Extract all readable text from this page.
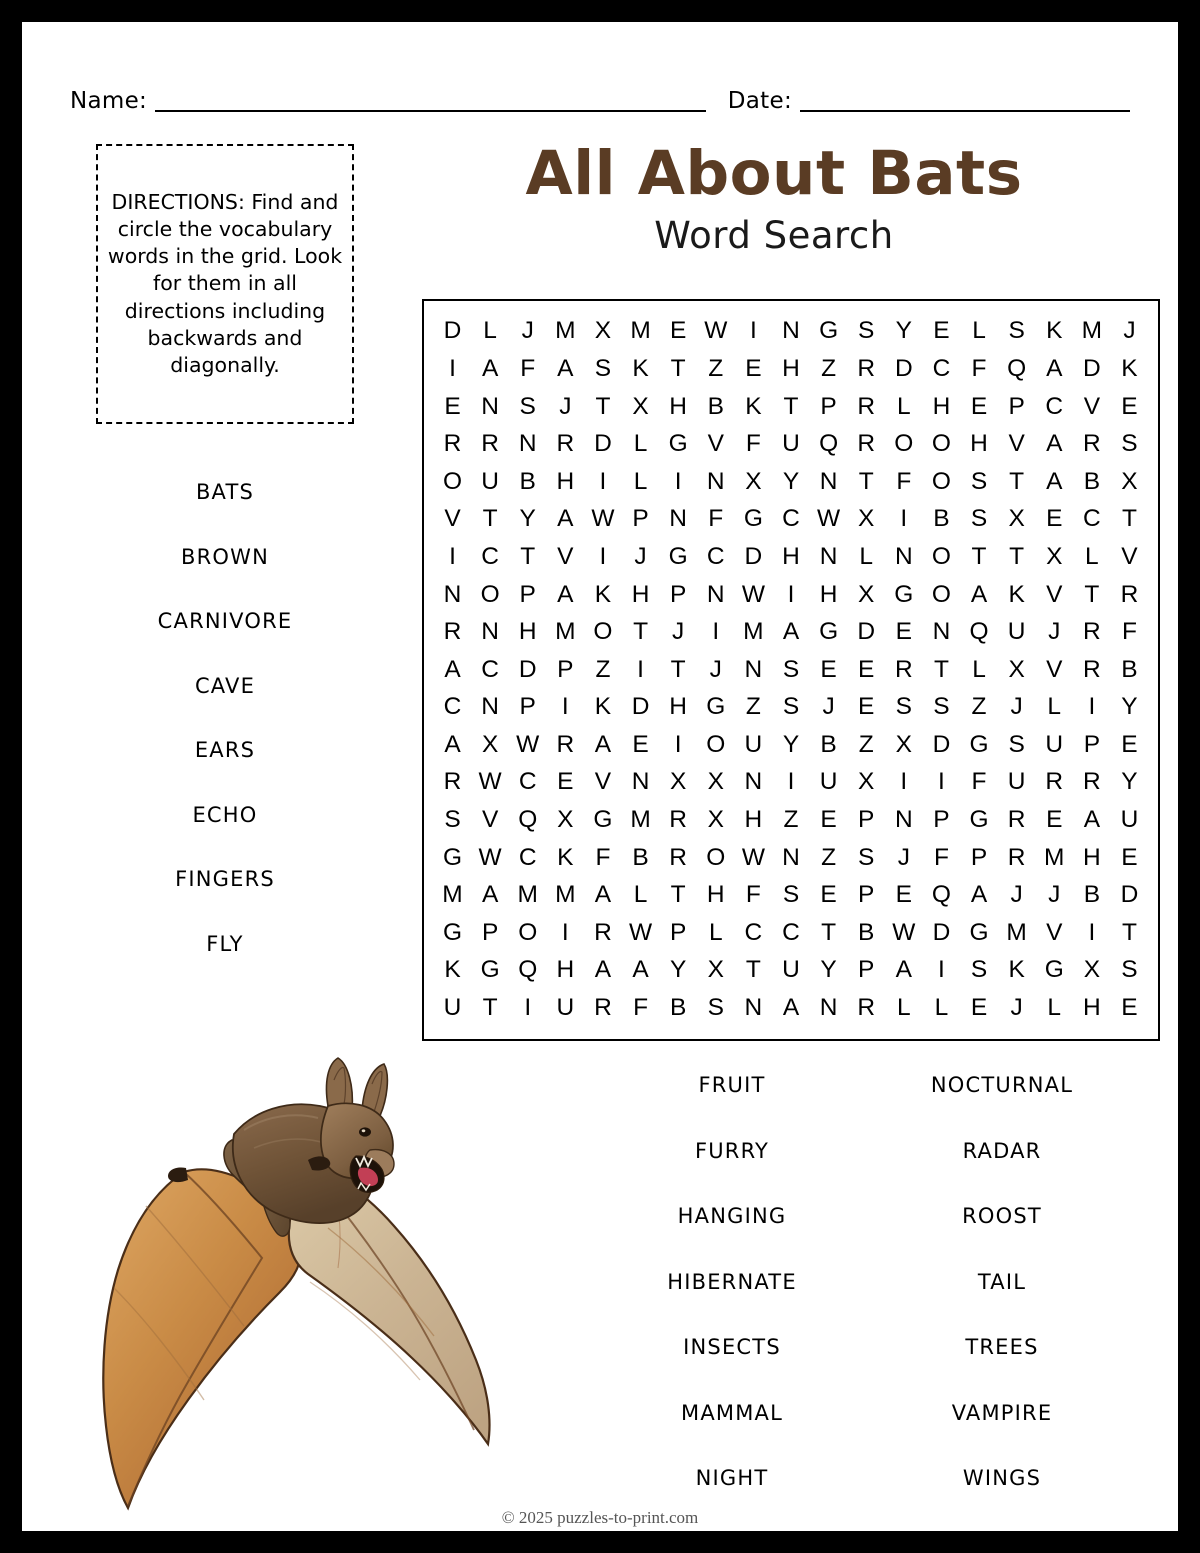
Name:	Date:

DIRECTIONS: Find and circle the vocabulary words in the grid. Look for them in all directions including backwards and diagonally.

All About Bats
Word Search
BATS
BROWN
CARNIVORE
CAVE
EARS
ECHO
FINGERS
FLY
D L	J M X M E W I	N G S Y E L S K M J
I	A F A S K T Z E H Z R D C F Q A D K
E N S J T X H B K T P R L H E P C V E
R R N R D L G V F U Q R O O H V A R S
O U B H	I	L	I	N X Y N T F O S T A B X
V T Y A W P N F G C W X	I	B S X E C T
I	C T V	I	J G C D H N L N O T T X L V
N O P A K H P N W I	H X G O A K V T R
R N H M O T J	I M A G D E N Q U J R F
A C D P Z	I	T J N S E E R T L X V R B
C N P	I	K D H G Z S J E S S Z J	L	I	Y
A X W R A E	I	O U Y B Z X D G S U P E
R W C E V N X X N	I	U X	I	I	F U R R Y
S V Q X G M R X H Z E P N P G R E A U
G W C K F B R O W N Z S J F P R M H E
M A M M A L T H F S E P E Q A J	J B D
G P O	I	R W P L C C T B W D G M V	I	T
K G Q H A A Y X T U Y P A	I	S K G X S
U T	I	U R F B S N A N R L L E J	L H E
FRUIT
FURRY
HANGING
HIBERNATE
INSECTS
MAMMAL
NIGHT
NOCTURNAL
RADAR
ROOST
TAIL
TREES
VAMPIRE
WINGS
© 2025 puzzles-to-print.com
